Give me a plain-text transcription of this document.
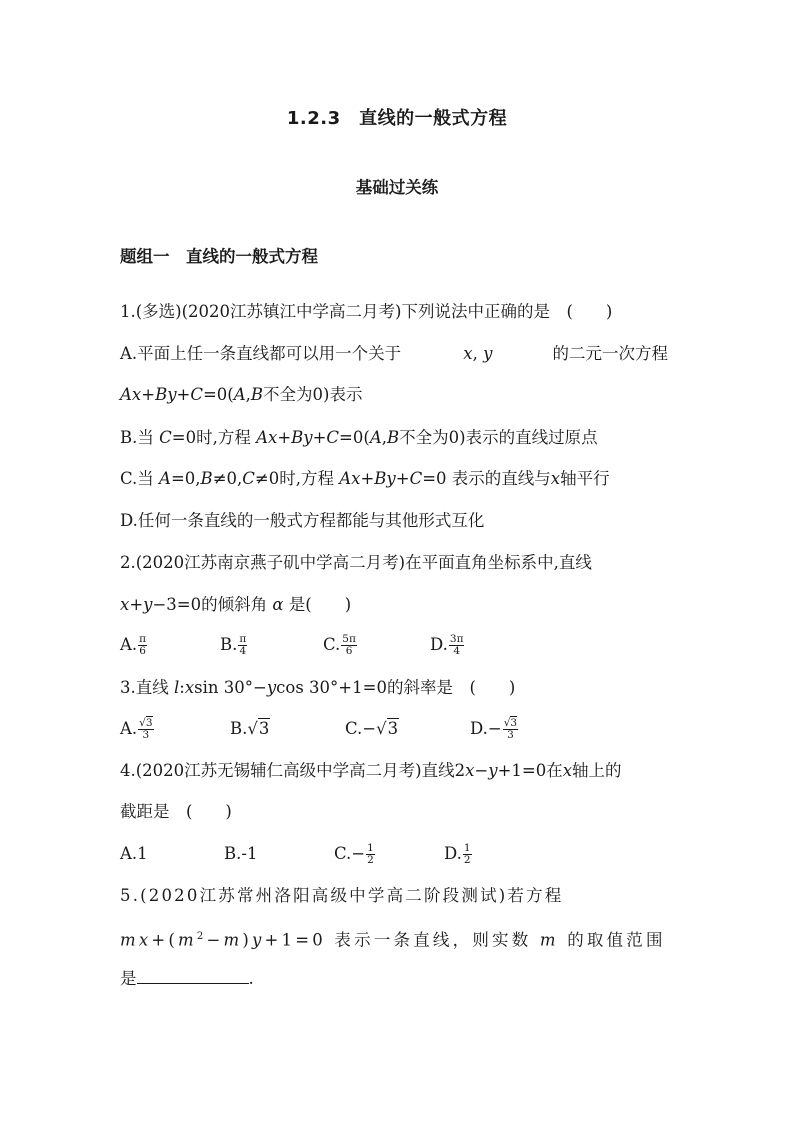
1.2.3　直线的一般式方程
基础过关练
题组一　直线的一般式方程
1.(多选)(2020江苏镇江中学高二月考)下列说法中正确的是　(　　)
A.平面上任一条直线都可以用一个关于	x, y	的二元一次方程
Ax+By+C=0(A,B不全为0)表示
B.当 C=0时,方程 Ax+By+C=0(A,B不全为0)表示的直线过原点
C.当 A=0,B≠0,C≠0时,方程 Ax+By+C=0 表示的直线与x轴平行
D.任何一条直线的一般式方程都能与其他形式互化
2.(2020江苏南京燕子矶中学高二月考)在平面直角坐标系中,直线
x+y−3=0的倾斜角 α 是(　　)
A. $\frac{\pi}{6}$	B. $\frac{\pi}{4}$	C. $\frac{5\pi}{6}$	D. $\frac{3\pi}{4}$
3.直线 l:xsin 30°−ycos 30°+1=0的斜率是　(　　)
A. $\frac{√3}{3}$	B.√3	C.−√3	$D.- \frac{√3}{3}$
4.(2020江苏无锡辅仁高级中学高二月考)直线2x−y+1=0在x轴上的
截距是　(　　)
A.1	B.-1	$C.- \frac{1}{2}$	D. $\frac{1}{2}$
5.(2020江苏常州洛阳高级中学高二阶段测试)若方程
$mx+(m^2-m)y+1=0$ 表示一条直线，则实数 m 的取值范围
是	.
